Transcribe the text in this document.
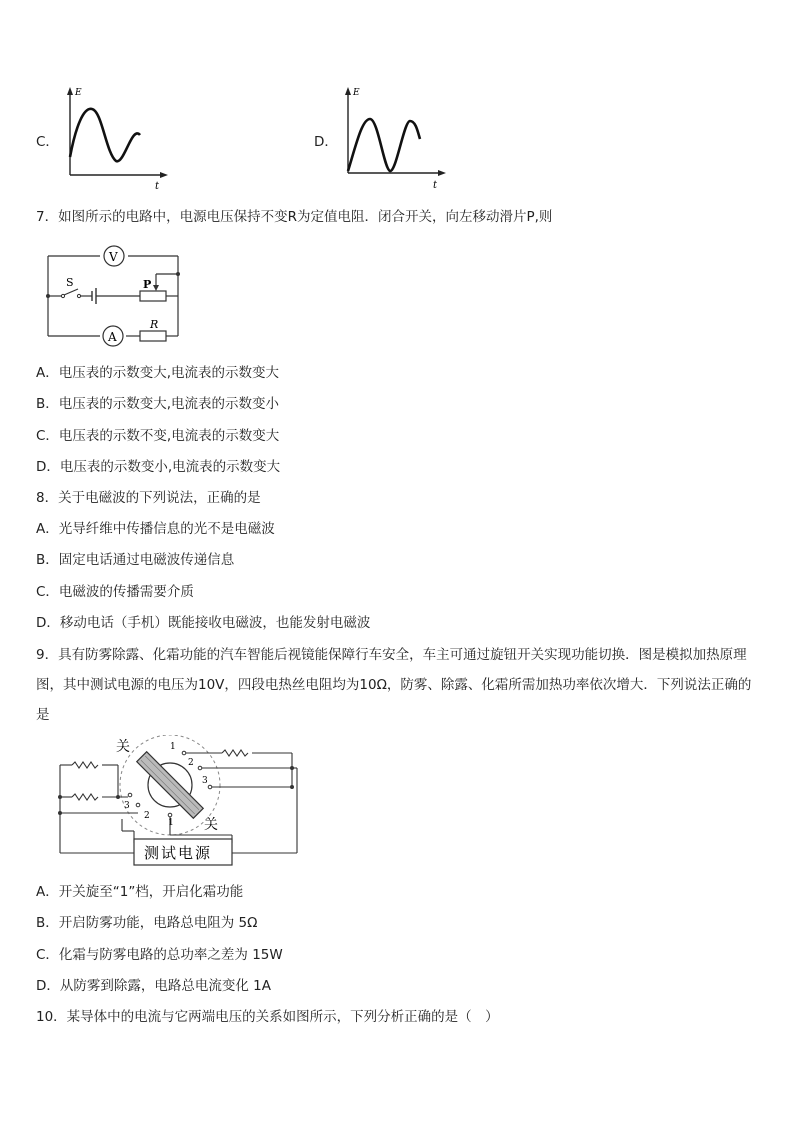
C．
E
t
D．
E
t
7．如图所示的电路中，电源电压保持不变R为定值电阻．闭合开关，向左移动滑片P,则
V
A
R
S	P
A．电压表的示数变大,电流表的示数变大
B．电压表的示数变大,电流表的示数变小
C．电压表的示数不变,电流表的示数变大
D．电压表的示数变小,电流表的示数变大
8．关于电磁波的下列说法，正确的是
A．光导纤维中传播信息的光不是电磁波
B．固定电话通过电磁波传递信息
C．电磁波的传播需要介质
D．移动电话（手机）既能接收电磁波，也能发射电磁波
9．具有防雾除露、化霜功能的汽车智能后视镜能保障行车安全，车主可通过旋钮开关实现功能切换．图是模拟加热原理图，其中测试电源的电压为10V，四段电热丝电阻均为10Ω，防雾、除露、化霜所需加热功率依次增大．下列说法正确的是
关
关
1
2
3
3
2
1
测试电源
A．开关旋至“1”档，开启化霜功能
B．开启防雾功能，电路总电阻为 5Ω
C．化霜与防雾电路的总功率之差为 15W
D．从防雾到除露，电路总电流变化 1A
10．某导体中的电流与它两端电压的关系如图所示，下列分析正确的是（　）
